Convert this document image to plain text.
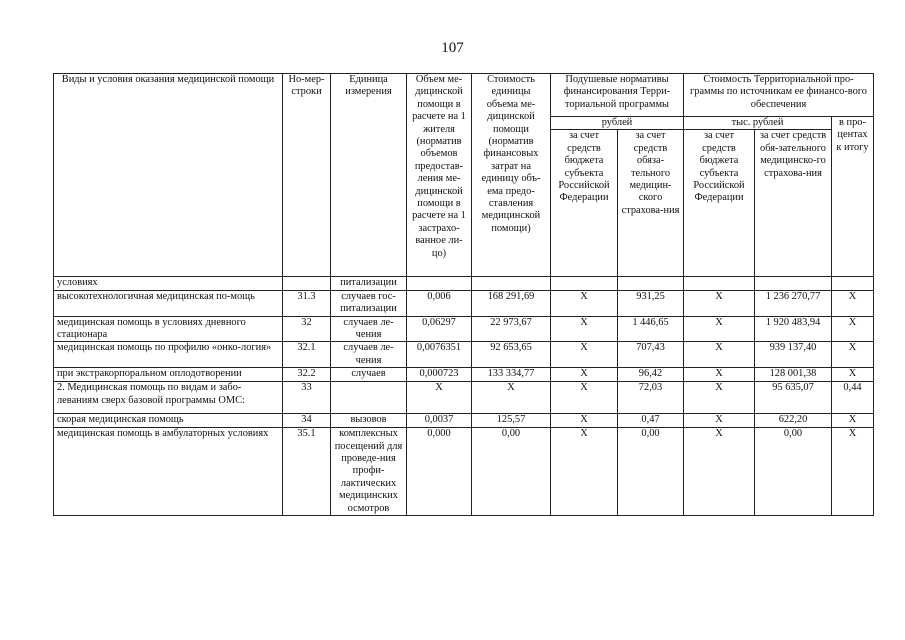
107
Виды и условия оказания медицинской помощи	Но-мер-строки	Единица измерения	Объем ме-дицинской помощи в расчете на 1 жителя (норматив объемов предостав-ления ме-дицинской помощи в расчете на 1 застрахо-ванное ли-цо)	Стоимость единицы объема ме-дицинской помощи (норматив финансовых затрат на единицу объ-ема предо-ставления медицинской помощи)	Подушевые нормативы финансирования Терри-ториальной программы		Стоимость Территориальной про-граммы по источникам ее финансо-вого обеспечения		
					рублей		тыс. рублей		в про-центах к итогу
					за счет средств бюджета субъекта Российской Федерации	за счет средств обяза-тельного медицин-ского страхова-ния	за счет средств бюджета субъекта Российской Федерации	за счет средств обя-зательного медицинско-го страхова-ния	
условиях		питализации							
высокотехнологичная медицинская по-мощь	31.3	случаев гос-питализации	0,006	168 291,69	X	931,25	X	1 236 270,77	X
медицинская помощь в условиях дневного стационара	32	случаев ле-чения	0,06297	22 973,67	X	1 446,65	X	1 920 483,94	X
медицинская помощь по профилю «онко-логия»	32.1	случаев ле-чения	0,0076351	92 653,65	X	707,43	X	939 137,40	X
при экстракорпоральном оплодотворении	32.2	случаев	0,000723	133 334,77	X	96,42	X	128 001,38	X
2. Медицинская помощь по видам и забо-леваниям сверх базовой программы ОМС:	33		X	X	X	72,03	X	95 635,07	0,44
скорая медицинская помощь	34	вызовов	0,0037	125,57	X	0,47	X	622,20	X
медицинская помощь в амбулаторных условиях	35.1	комплексных посещений для проведе-ния профи-лактических медицинских осмотров	0,000	0,00	X	0,00	X	0,00	X
